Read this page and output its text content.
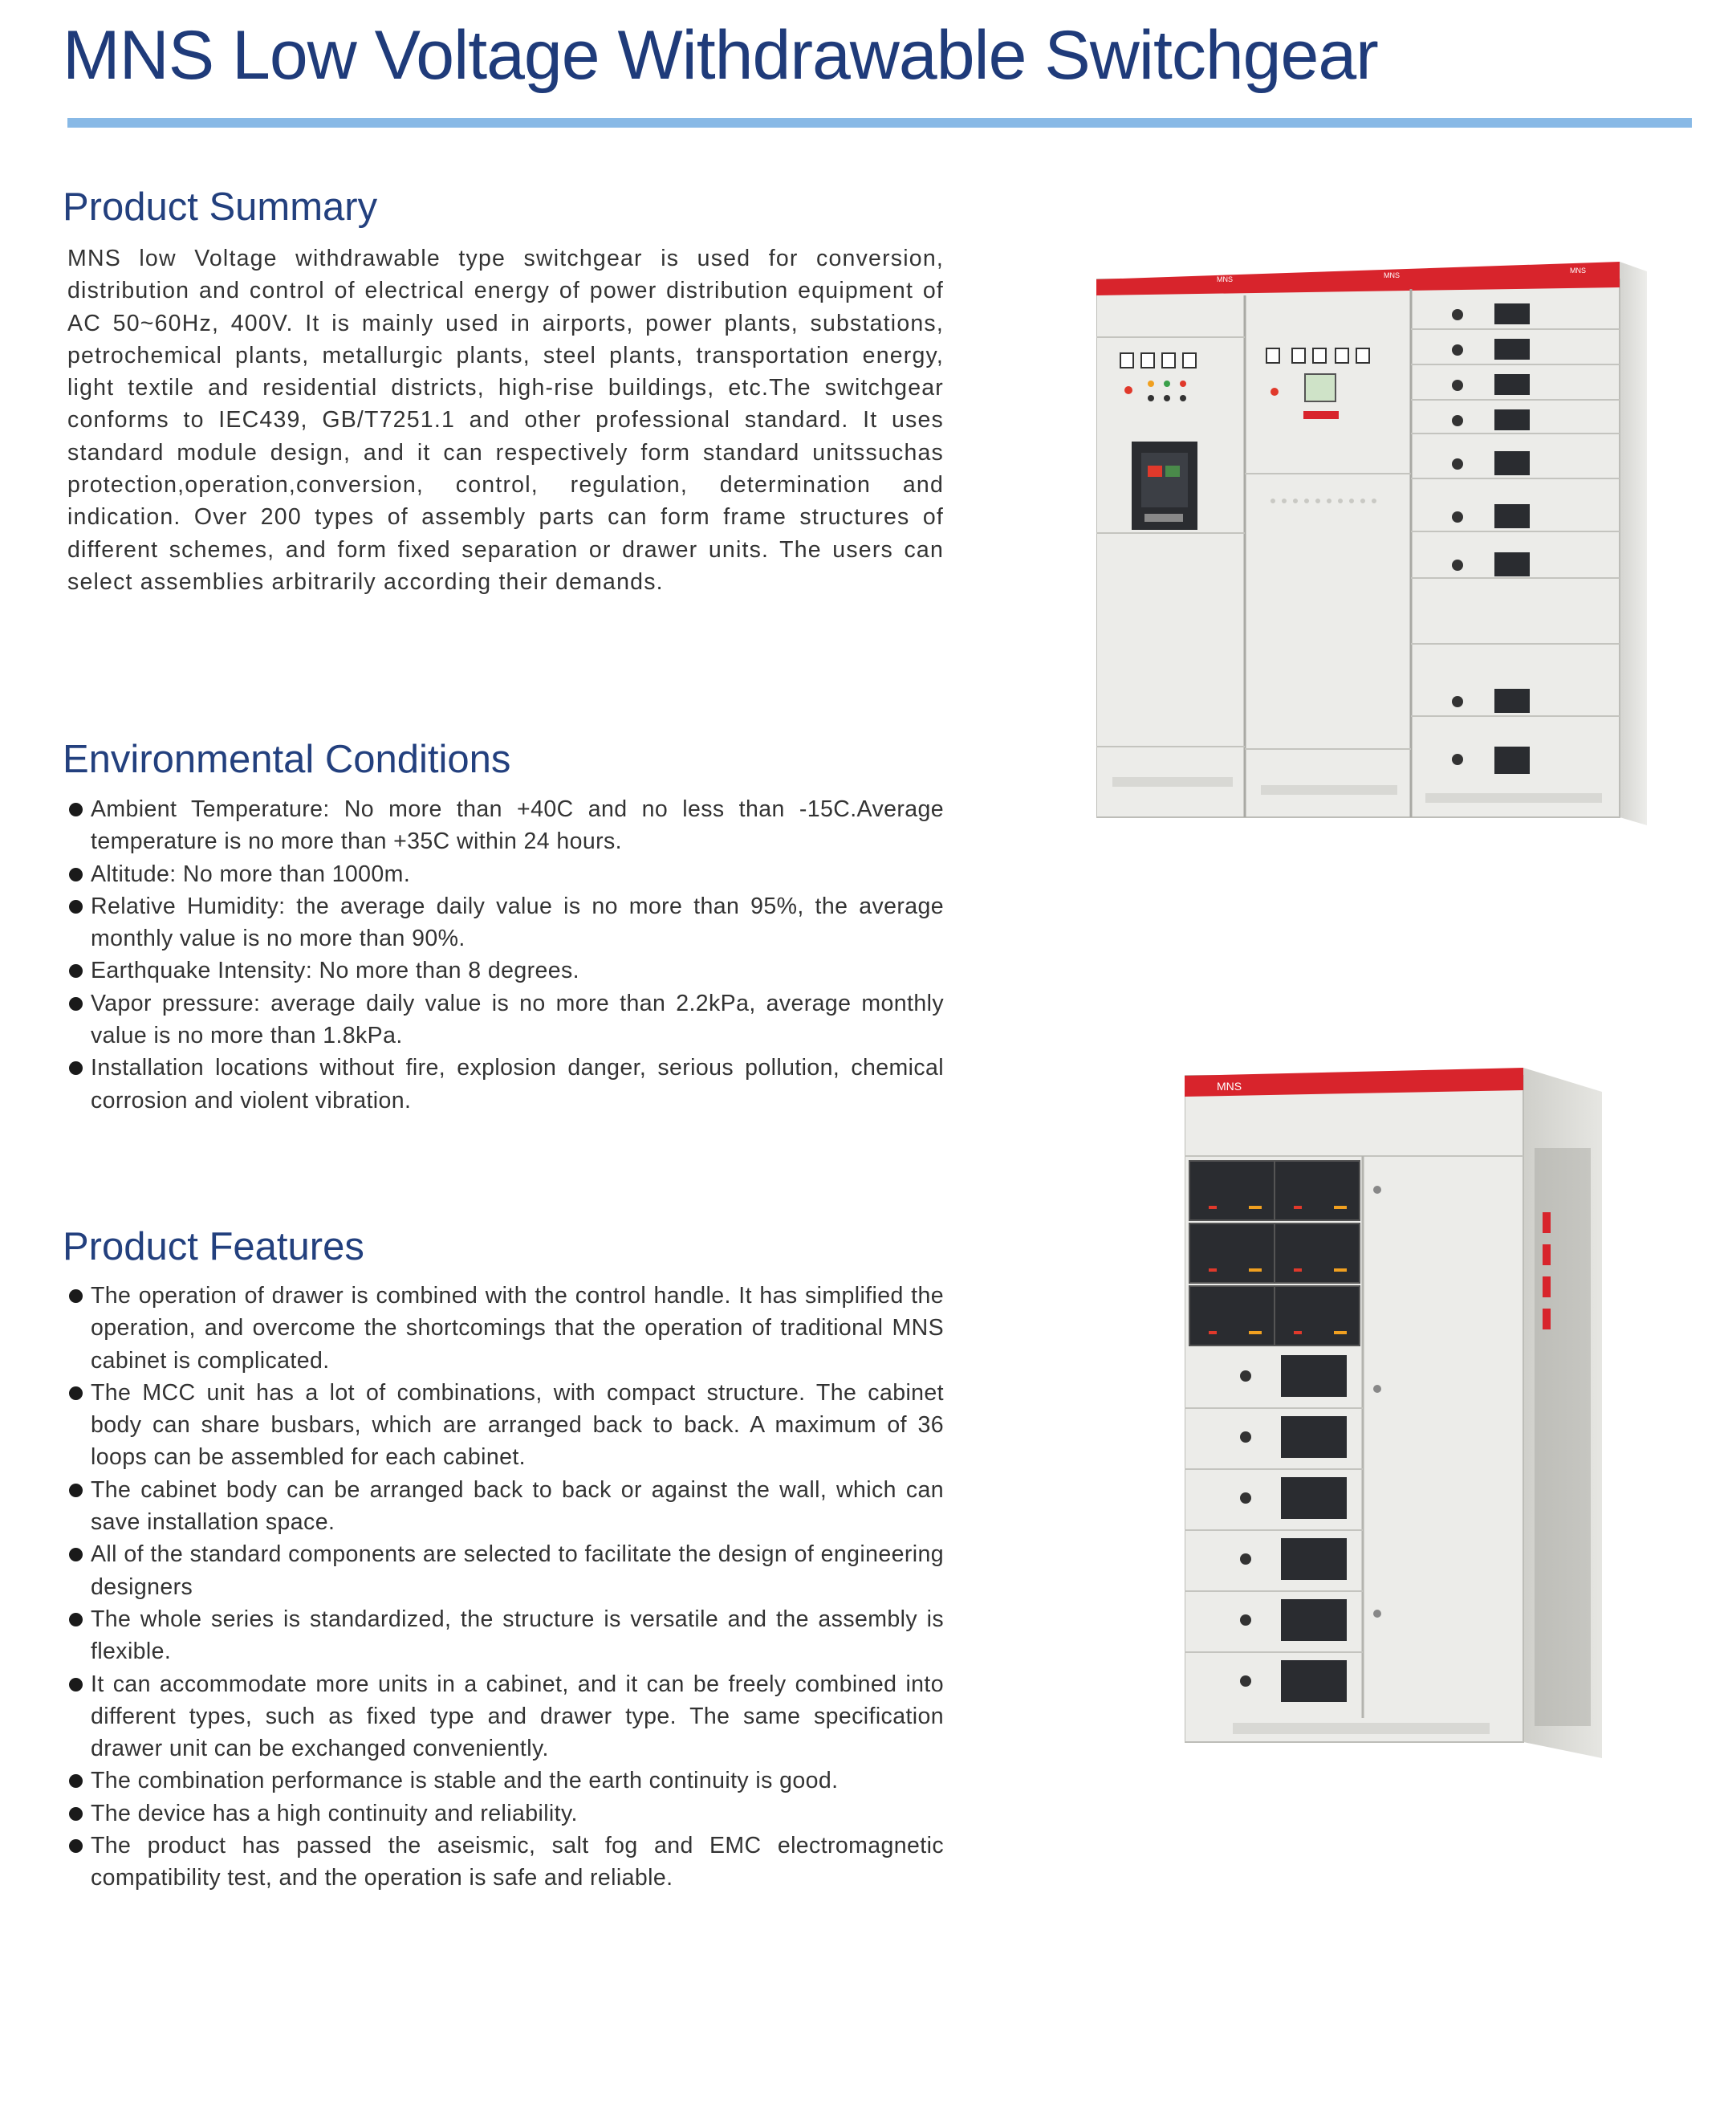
MNS Low Voltage Withdrawable Switchgear
Product Summary

MNS low Voltage withdrawable type switchgear is used for conversion, distribution and control of electrical energy of power distribution equipment of AC 50~60Hz, 400V. It is mainly used in airports, power plants, substations, petrochemical plants, metallurgic plants, steel plants, transportation energy, light textile and residential districts, high-rise buildings, etc.The switchgear conforms to IEC439, GB/T7251.1 and other professional standard. It uses standard module design, and it can respectively form standard unitssuchas protection,operation,conversion, control, regulation, determination and indication. Over 200 types of assembly parts can form frame structures of different schemes, and form fixed separation or drawer units. The users can select assemblies arbitrarily according their demands.

Environmental Conditions
Ambient Temperature: No more than +40C and no less than -15C.Average temperature is no more than +35C within 24 hours.
Altitude: No more than 1000m.
Relative Humidity: the average daily value is no more than 95%, the average monthly value is no more than 90%.
Earthquake Intensity: No more than 8 degrees.
Vapor pressure: average daily value is no more than 2.2kPa, average monthly value is no more than 1.8kPa.
Installation locations without fire, explosion danger, serious pollution, chemical corrosion and violent vibration.
Product Features
The operation of drawer is combined with the control handle. It has simplified the operation, and overcome the shortcomings that the operation of traditional MNS cabinet is complicated.
The MCC unit has a lot of combinations, with compact structure. The cabinet body can share busbars, which are arranged back to back. A maximum of 36 loops can be assembled for each cabinet.
The cabinet body can be arranged back to back or against the wall, which can save installation space.
All of the standard components are selected to facilitate the design of engineering designers
The whole series is standardized, the structure is versatile and the assembly is flexible.
It can accommodate more units in a cabinet, and it can be freely combined into different types, such as fixed type and drawer type. The same specification drawer unit can be exchanged conveniently.
The combination performance is stable and the earth continuity is good.
The device has a high continuity and reliability.
The product has passed the aseismic, salt fog and EMC electromagnetic compatibility test, and the operation is safe and reliable.
MNS	MNS
MNS
MNS
